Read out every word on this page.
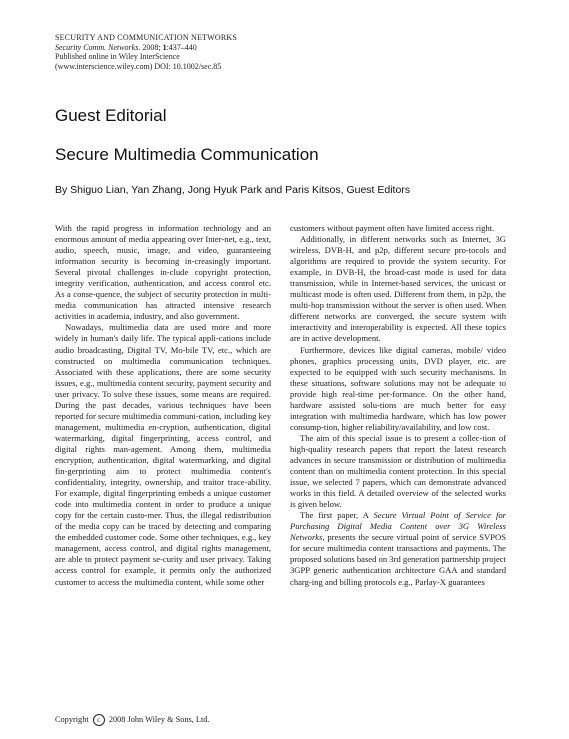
SECURITY AND COMMUNICATION NETWORKS
Security Comm. Networks. 2008; 1:437–440
Published online in Wiley InterScience
(www.interscience.wiley.com) DOI: 10.1002/sec.85
Guest Editorial
Secure Multimedia Communication
By Shiguo Lian, Yan Zhang, Jong Hyuk Park and Paris Kitsos, Guest Editors

With the rapid progress in information technology and an enormous amount of media appearing over Inter-net, e.g., text, audio, speech, music, image, and video, guaranteeing information security is becoming in-creasingly important. Several pivotal challenges in-clude copyright protection, integrity verification, authentication, and access control etc. As a conse-quence, the subject of security protection in multi-media communication has attracted intensive research activities in academia, industry, and also government.

Nowadays, multimedia data are used more and more widely in human's daily life. The typical appli-cations include audio broadcasting, Digital TV, Mo-bile TV, etc., which are constructed on multimedia communication techniques. Associated with these applications, there are some security issues, e.g., multimedia content security, payment security and user privacy. To solve these issues, some means are required. During the past decades, various techniques have been reported for secure multimedia communi-cation, including key management, multimedia en-cryption, authentication, digital watermarking, digital fingerprinting, access control, and digital rights man-agement. Among them, multimedia encryption, authentication, digital watermarking, and digital fin-gerprinting aim to protect multimedia content's confidentiality, integrity, ownership, and traitor trace-ability. For example, digital fingerprinting embeds a unique customer code into multimedia content in order to produce a unique copy for the certain custo-mer. Thus, the illegal redistribution of the media copy can be traced by detecting and comparing the embedded customer code. Some other techniques, e.g., key management, access control, and digital rights management, are able to protect payment se-curity and user privacy. Taking access control for example, it permits only the authorized customer to access the multimedia content, while some other

customers without payment often have limited access right.

Additionally, in different networks such as Internet, 3G wireless, DVB-H, and p2p, different secure pro-tocols and algorithms are required to provide the system security. For example, in DVB-H, the broad-cast mode is used for data transmission, while in Internet-based services, the unicast or multicast mode is often used. Different from them, in p2p, the multi-hop transmission without the server is often used. When different networks are converged, the secure system with interactivity and interoperability is expected. All these topics are in active development.

Furthermore, devices like digital cameras, mobile/ video phones, graphics processing units, DVD player, etc. are expected to be equipped with such security mechanisms. In these situations, software solutions may not be adequate to provide high real-time per-formance. On the other hand, hardware assisted solu-tions are much better for easy integration with multimedia hardware, which has low power consump-tion, higher reliability/availability, and low cost.

The aim of this special issue is to present a collec-tion of high-quality research papers that report the latest research advances in secure transmission or distribution of multimedia content than on multimedia content protection. In this special issue, we selected 7 papers, which can demonstrate advanced works in this field. A detailed overview of the selected works is given below.

The first paper, A Secure Virtual Point of Service for Purchasing Digital Media Content over 3G Wireless Networks, presents the secure virtual point of service SVPOS for secure multimedia content transactions and payments. The proposed solutions based on 3rd generation partnership project 3GPP generic authentication architecture GAA and standard charg-ing and billing protocols e.g., Parlay-X guarantees

Copyright c 2008 John Wiley & Sons, Ltd.
